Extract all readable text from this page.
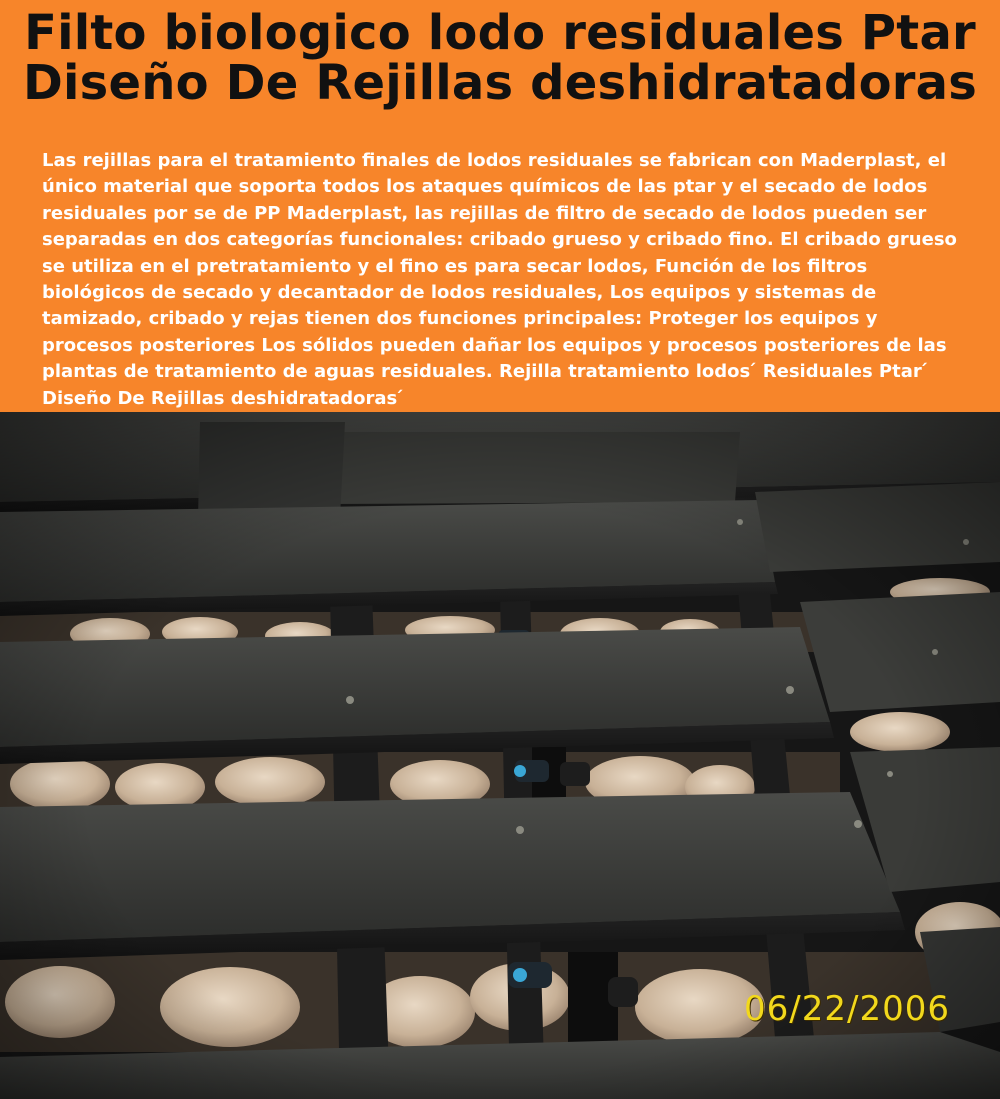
Filto biologico lodo residuales Ptar
Diseño De Rejillas deshidratadoras

Las rejillas para el tratamiento finales de lodos residuales se fabrican con Maderplast, el único material que soporta todos los ataques químicos de las ptar y el secado de lodos residuales por se de PP Maderplast, las rejillas de filtro de secado de lodos pueden ser separadas en dos categorías funcionales: cribado grueso y cribado fino. El cribado grueso se utiliza en el pretratamiento y el fino es para secar lodos, Función de los filtros biológicos de secado y decantador de lodos residuales, Los equipos y sistemas de tamizado, cribado y rejas tienen dos funciones principales: Proteger los equipos y procesos posteriores Los sólidos pueden dañar los equipos y procesos posteriores de las plantas de tratamiento de aguas residuales. Rejilla tratamiento lodos ́ Residuales Ptar ́ Diseño De Rejillas deshidratadoras ́

06/22/2006
